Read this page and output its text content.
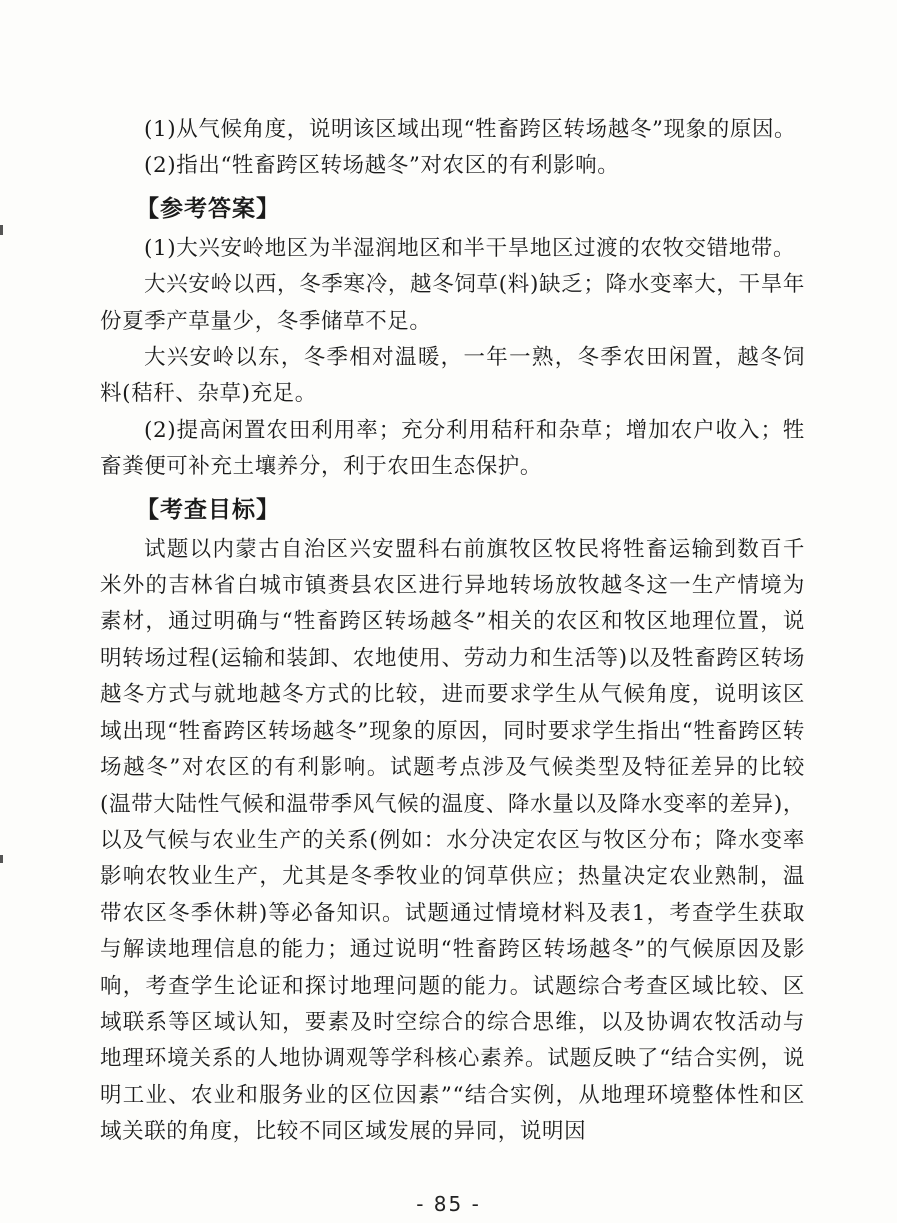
(1)从气候角度，说明该区域出现“牲畜跨区转场越冬”现象的原因。

(2)指出“牲畜跨区转场越冬”对农区的有利影响。

【参考答案】

(1)大兴安岭地区为半湿润地区和半干旱地区过渡的农牧交错地带。

大兴安岭以西，冬季寒冷，越冬饲草(料)缺乏；降水变率大，干旱年份夏季产草量少，冬季储草不足。

大兴安岭以东，冬季相对温暖，一年一熟，冬季农田闲置，越冬饲料(秸秆、杂草)充足。

(2)提高闲置农田利用率；充分利用秸秆和杂草；增加农户收入；牲畜粪便可补充土壤养分，利于农田生态保护。

【考查目标】

试题以内蒙古自治区兴安盟科右前旗牧区牧民将牲畜运输到数百千米外的吉林省白城市镇赉县农区进行异地转场放牧越冬这一生产情境为素材，通过明确与“牲畜跨区转场越冬”相关的农区和牧区地理位置，说明转场过程(运输和装卸、农地使用、劳动力和生活等)以及牲畜跨区转场越冬方式与就地越冬方式的比较，进而要求学生从气候角度，说明该区域出现“牲畜跨区转场越冬”现象的原因，同时要求学生指出“牲畜跨区转场越冬”对农区的有利影响。试题考点涉及气候类型及特征差异的比较(温带大陆性气候和温带季风气候的温度、降水量以及降水变率的差异)，以及气候与农业生产的关系(例如：水分决定农区与牧区分布；降水变率影响农牧业生产，尤其是冬季牧业的饲草供应；热量决定农业熟制，温带农区冬季休耕)等必备知识。试题通过情境材料及表1，考查学生获取与解读地理信息的能力；通过说明“牲畜跨区转场越冬”的气候原因及影响，考查学生论证和探讨地理问题的能力。试题综合考查区域比较、区域联系等区域认知，要素及时空综合的综合思维，以及协调农牧活动与地理环境关系的人地协调观等学科核心素养。试题反映了“结合实例，说明工业、农业和服务业的区位因素”“结合实例，从地理环境整体性和区域关联的角度，比较不同区域发展的异同，说明因

- 85 -
